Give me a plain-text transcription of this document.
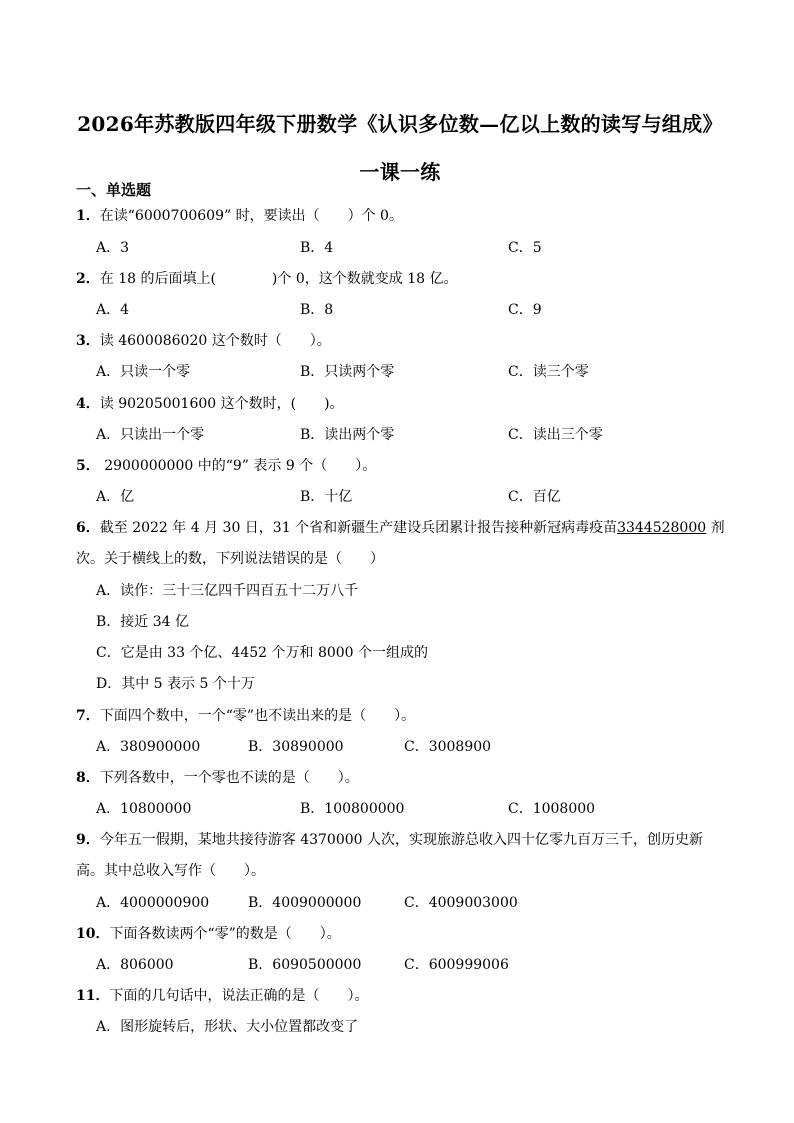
2026年苏教版四年级下册数学《认识多位数—亿以上数的读写与组成》一课一练
一、单选题
1．在读“6000700609” 时，要读出（　　）个 0。
A．3	B．4	C．5
2．在 18 的后面填上(　　　　)个 0，这个数就变成 18 亿。
A．4	B．8	C．9
3．读 4600086020 这个数时（　　）。
A．只读一个零	B．只读两个零	C．读三个零
4．读 90205001600 这个数时，(　　)。
A．只读出一个零	B．读出两个零	C．读出三个零
5． 2900000000 中的“9” 表示 9 个（　　）。
A．亿	B．十亿	C．百亿
6．截至 2022 年 4 月 30 日，31 个省和新疆生产建设兵团累计报告接种新冠病毒疫苗3344528000 剂次。关于横线上的数，下列说法错误的是（　　）
A．读作：三十三亿四千四百五十二万八千
B．接近 34 亿
C．它是由 33 个亿、4452 个万和 8000 个一组成的
D．其中 5 表示 5 个十万
7．下面四个数中，一个“零”也不读出来的是（　　）。
A．380900000	B．30890000	C．3008900
8．下列各数中，一个零也不读的是（　　）。
A．10800000	B．100800000	C．1008000
9．今年五一假期，某地共接待游客 4370000 人次，实现旅游总收入四十亿零九百万三千，创历史新高。其中总收入写作（　　）。
A．4000000900	B．4009000000	C．4009003000
10．下面各数读两个“零”的数是（　　）。
A．806000	B．6090500000	C．600999006
11．下面的几句话中，说法正确的是（　　）。
A．图形旋转后，形状、大小位置都改变了
